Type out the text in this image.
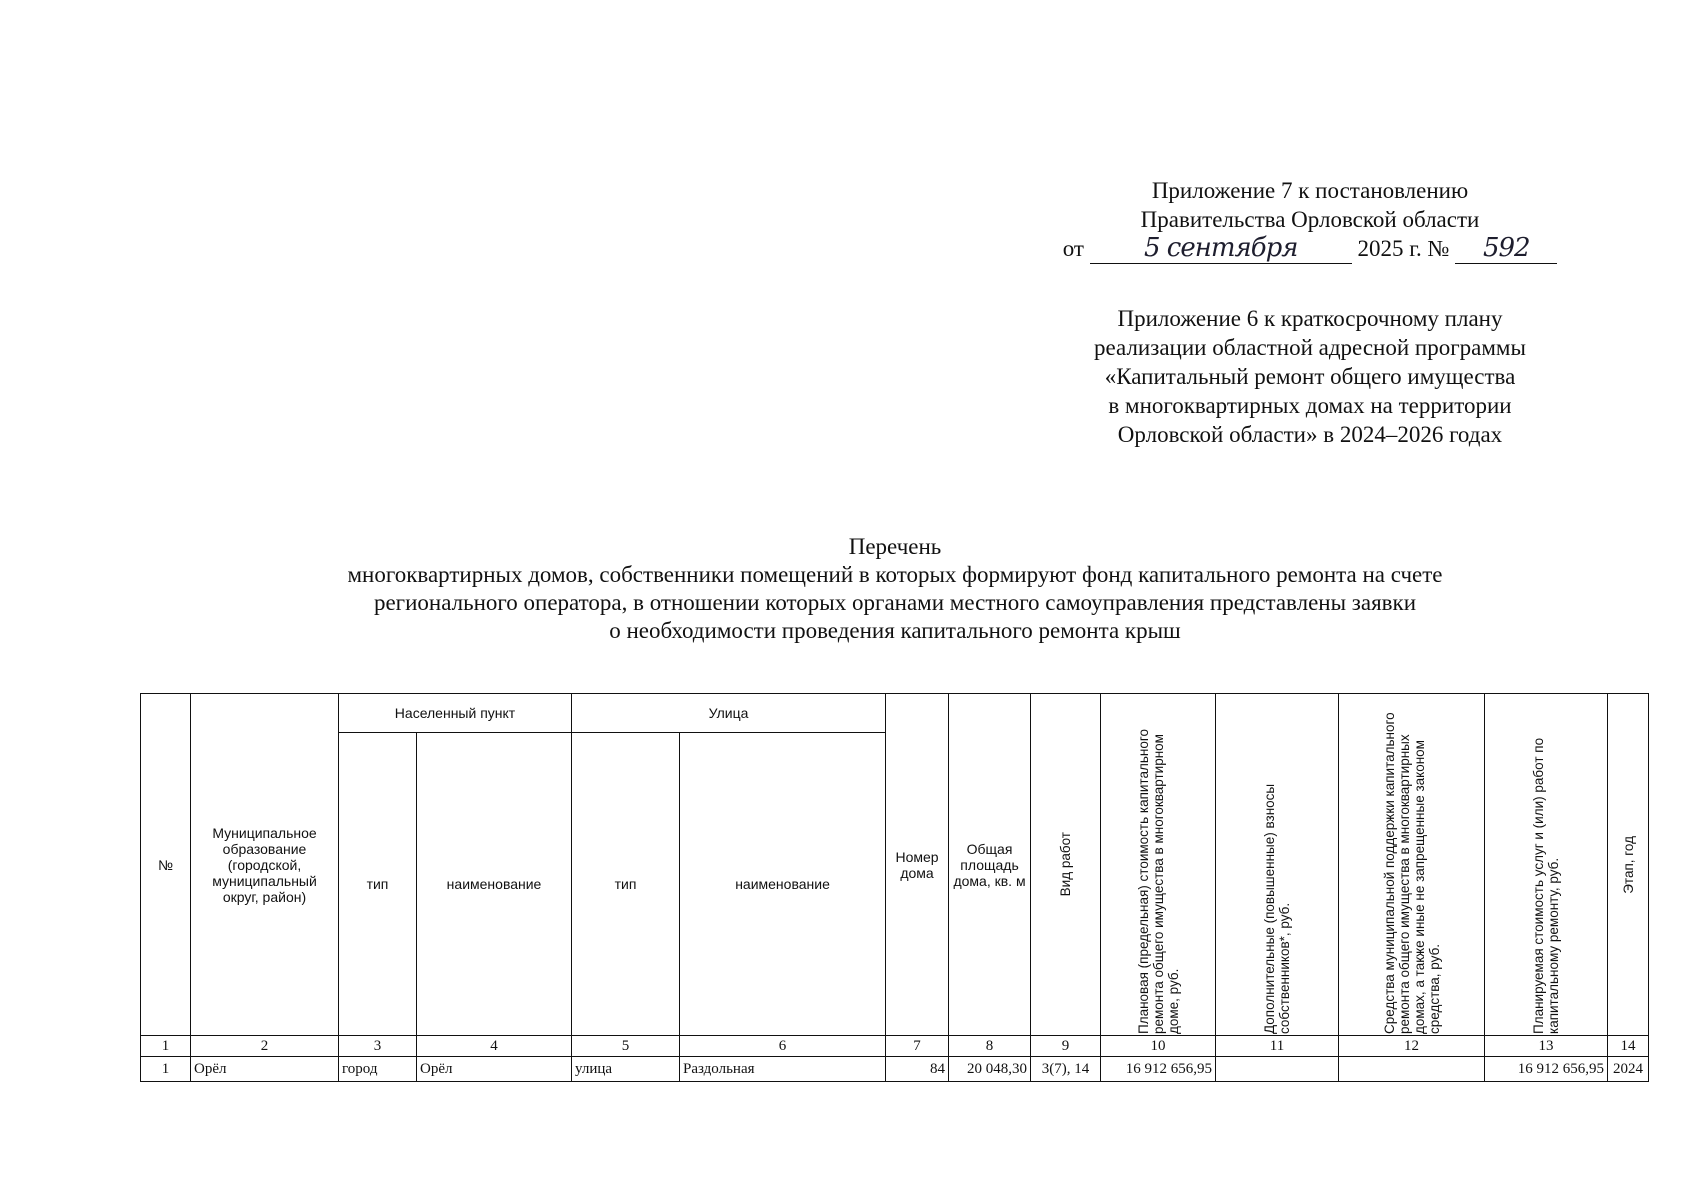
Приложение 7 к постановлению
Правительства Орловской области
от 5 сентября	2025 г. № 592
Приложение 6 к краткосрочному плану
реализации областной адресной программы
«Капитальный ремонт общего имущества
в многоквартирных домах на территории
Орловской области» в 2024–2026 годах
Перечень
многоквартирных домов, собственники помещений в которых формируют фонд капитального ремонта на счете
регионального оператора, в отношении которых органами местного самоуправления представлены заявки
о необходимости проведения капитального ремонта крыш
№	Муниципальное образование (городской, муниципальный округ, район)	Населенный пункт		Улица		Номер дома	Общая площадь дома, кв. м	Вид работ	Плановая (предельная) стоимость капитального ремонта общего имущества в многоквартирном доме, руб.	Дополнительные (повышенные) взносы собственников*, руб.	Средства муниципальной поддержки капитального ремонта общего имущества в многоквартирных домах, а также иные не запрещенные законом средства, руб.	Планируемая стоимость услуг и (или) работ по капитальному ремонту, руб.	Этап, год

		тип	наименование	тип	наименование								
1	2	3	4	5	6	7	8	9	10	11	12	13	14
1	Орёл	город	Орёл	улица	Раздольная	84	20 048,30	3(7), 14	16 912 656,95			16 912 656,95	2024
